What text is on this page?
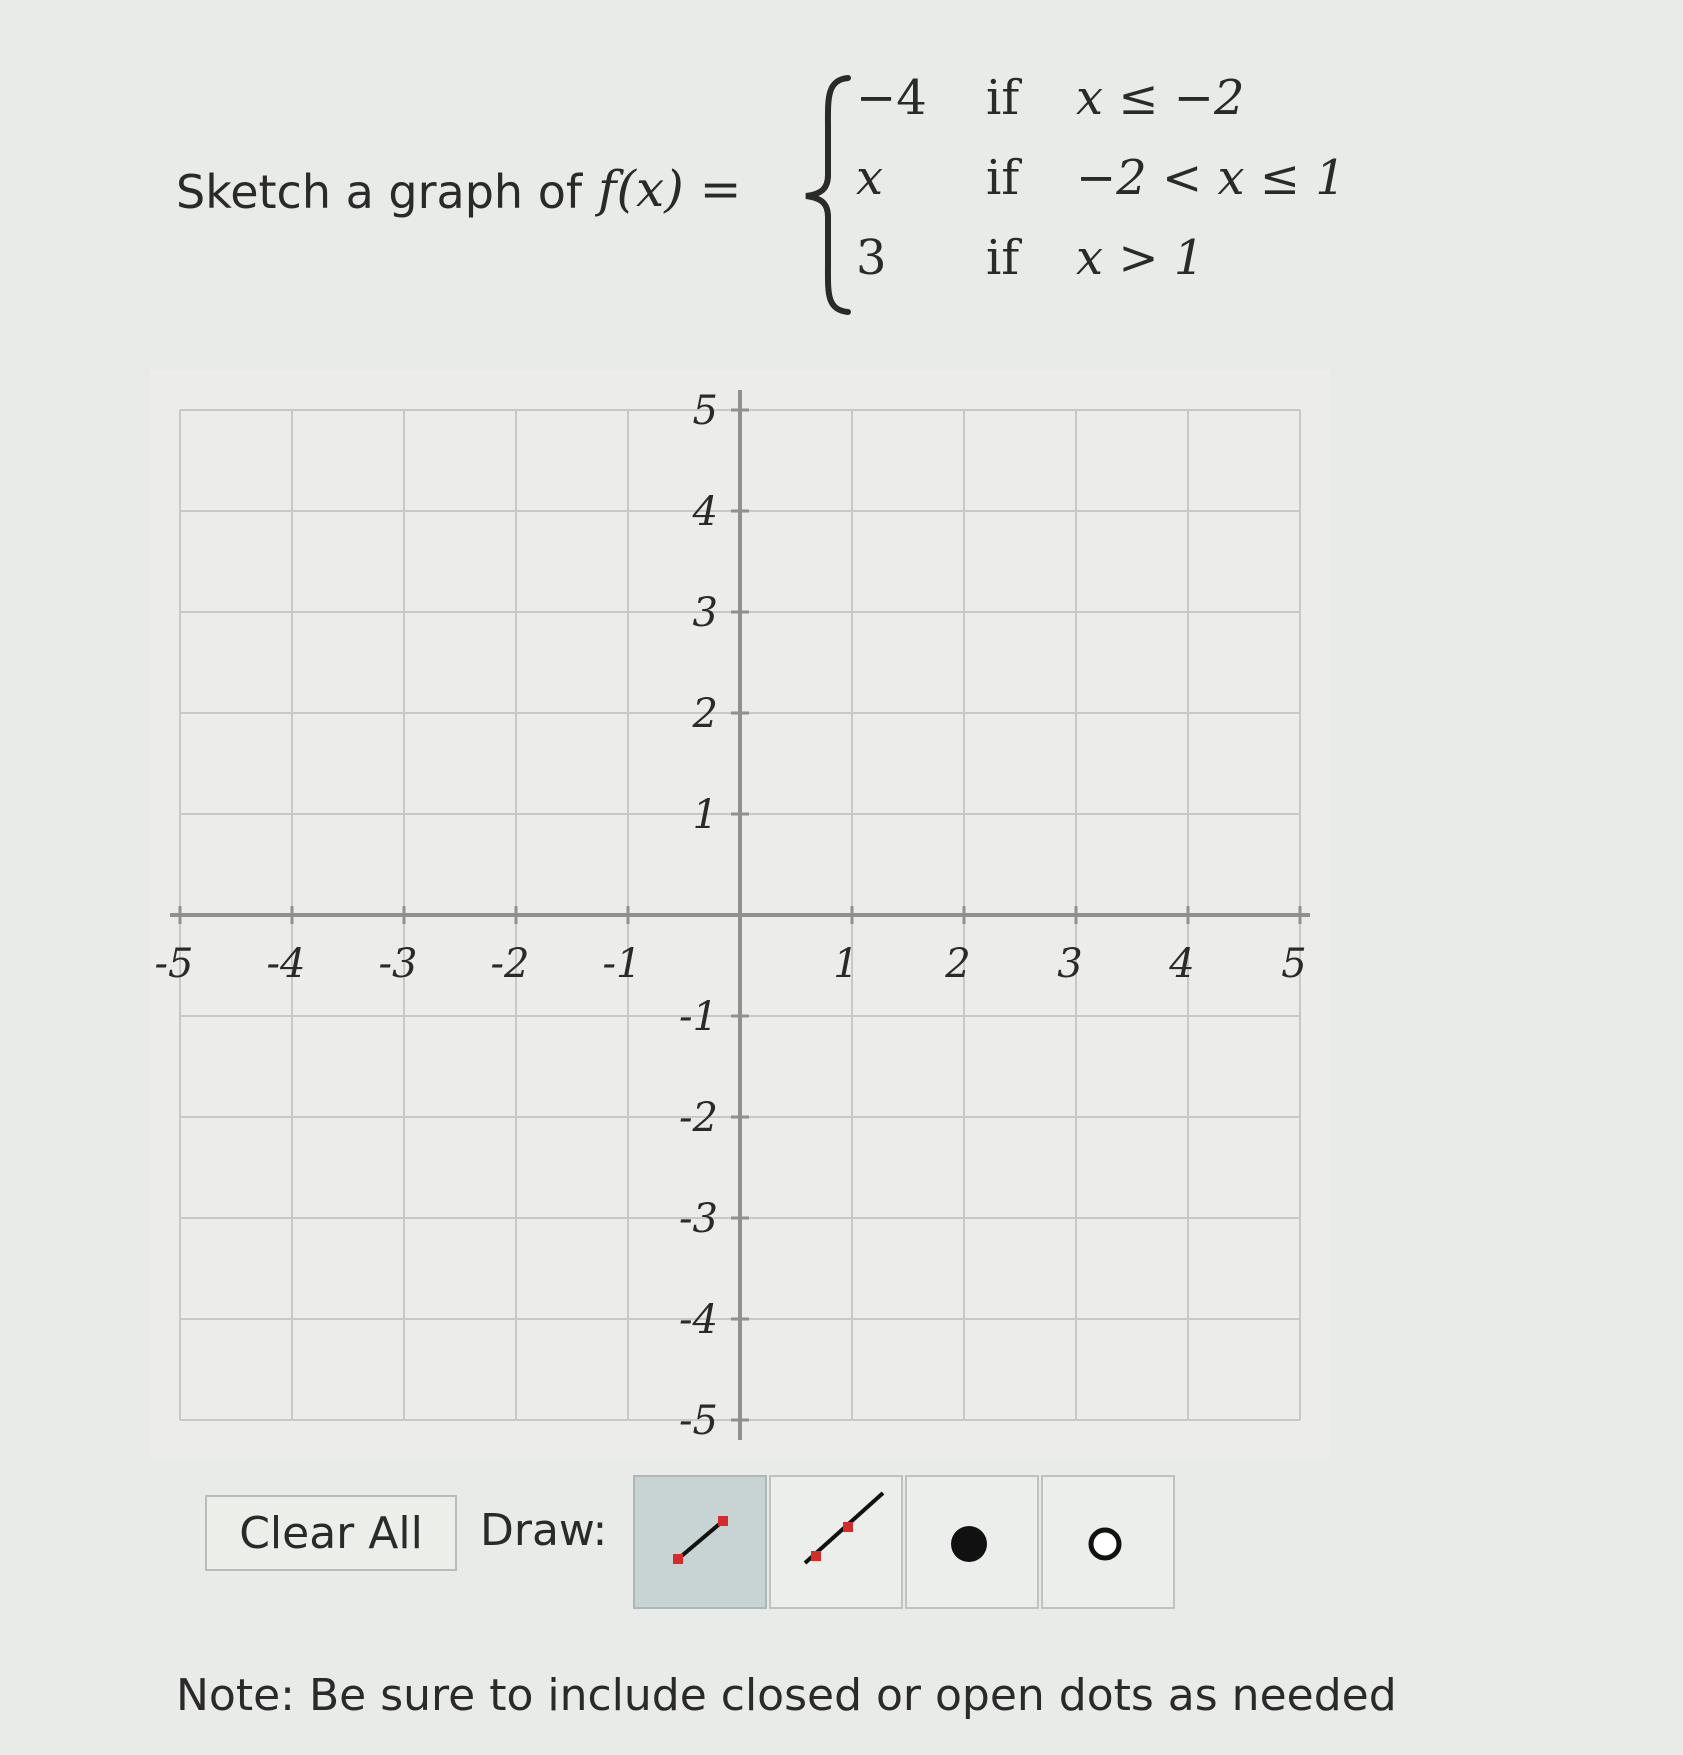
Sketch a graph of f(x) =
−4 if x ≤ −2
x if −2 < x ≤ 1
3 if x > 1
-5 -4 -3 -2 -1	1 2 3 4 5
5
4
3
2
1
-1
-2
-3
-4
-5
Clear All	Draw:
Note: Be sure to include closed or open dots as needed
